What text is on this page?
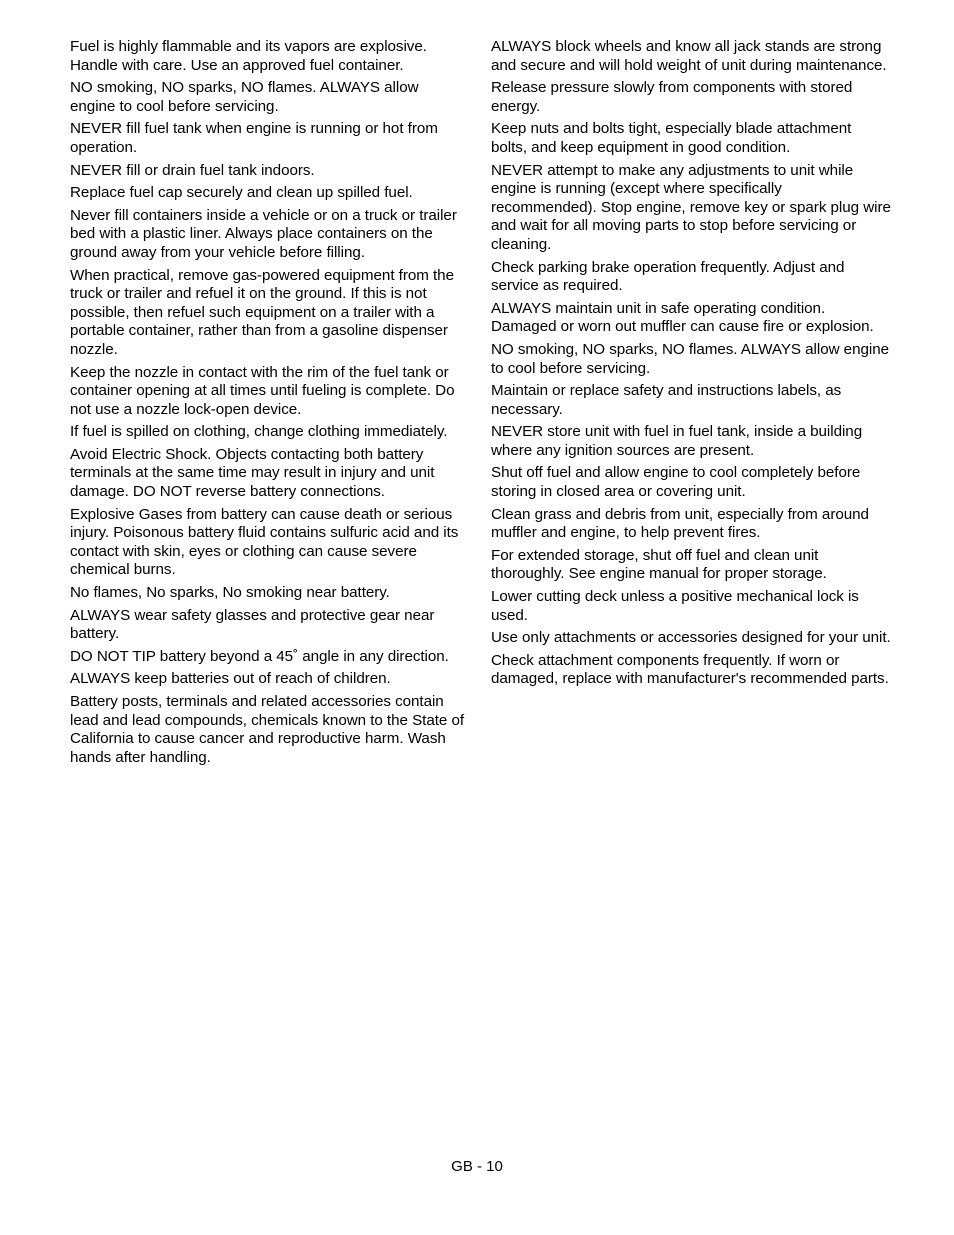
Fuel is highly flammable and its vapors are explosive. Handle with care. Use an approved fuel container.

NO smoking, NO sparks, NO flames. ALWAYS allow engine to cool before servicing.

NEVER fill fuel tank when engine is running or hot from operation.

NEVER fill or drain fuel tank indoors.

Replace fuel cap securely and clean up spilled fuel.

Never fill containers inside a vehicle or on a truck or trailer bed with a plastic liner. Always place containers on the ground away from your vehicle before filling.

When practical, remove gas-powered equipment from the truck or trailer and refuel it on the ground. If this is not possible, then refuel such equipment on a trailer with a portable container, rather than from a gasoline dispenser nozzle.

Keep the nozzle in contact with the rim of the fuel tank or container opening at all times until fueling is complete. Do not use a nozzle lock-open device.

If fuel is spilled on clothing, change clothing immediately.

Avoid Electric Shock. Objects contacting both battery terminals at the same time may result in injury and unit damage. DO NOT reverse battery connections.

Explosive Gases from battery can cause death or serious injury. Poisonous battery fluid contains sulfuric acid and its contact with skin, eyes or clothing can cause severe chemical burns.

No flames, No sparks, No smoking near battery.

ALWAYS wear safety glasses and protective gear near battery.

DO NOT TIP battery beyond a 45˚ angle in any direction.

ALWAYS keep batteries out of reach of children.

Battery posts, terminals and related accessories contain lead and lead compounds, chemicals known to the State of California to cause cancer and reproductive harm. Wash hands after handling.

ALWAYS block wheels and know all jack stands are strong and secure and will hold weight of unit during maintenance.

Release pressure slowly from components with stored energy.

Keep nuts and bolts tight, especially blade attachment bolts, and keep equipment in good condition.

NEVER attempt to make any adjustments to unit while engine is running (except where specifically recommended). Stop engine, remove key or spark plug wire and wait for all moving parts to stop before servicing or cleaning.

Check parking brake operation frequently. Adjust and service as required.

ALWAYS maintain unit in safe operating condition. Damaged or worn out muffler can cause fire or explosion.

NO smoking, NO sparks, NO flames. ALWAYS allow engine to cool before servicing.

Maintain or replace safety and instructions labels, as necessary.

NEVER store unit with fuel in fuel tank, inside a building where any ignition sources are present.

Shut off fuel and allow engine to cool completely before storing in closed area or covering unit.

Clean grass and debris from unit, especially from around muffler and engine, to help prevent fires.

For extended storage, shut off fuel and clean unit thoroughly. See engine manual for proper storage.

Lower cutting deck unless a positive mechanical lock is used.

Use only attachments or accessories designed for your unit.

Check attachment components frequently. If worn or damaged, replace with manufacturer's recommended parts.

GB - 10
